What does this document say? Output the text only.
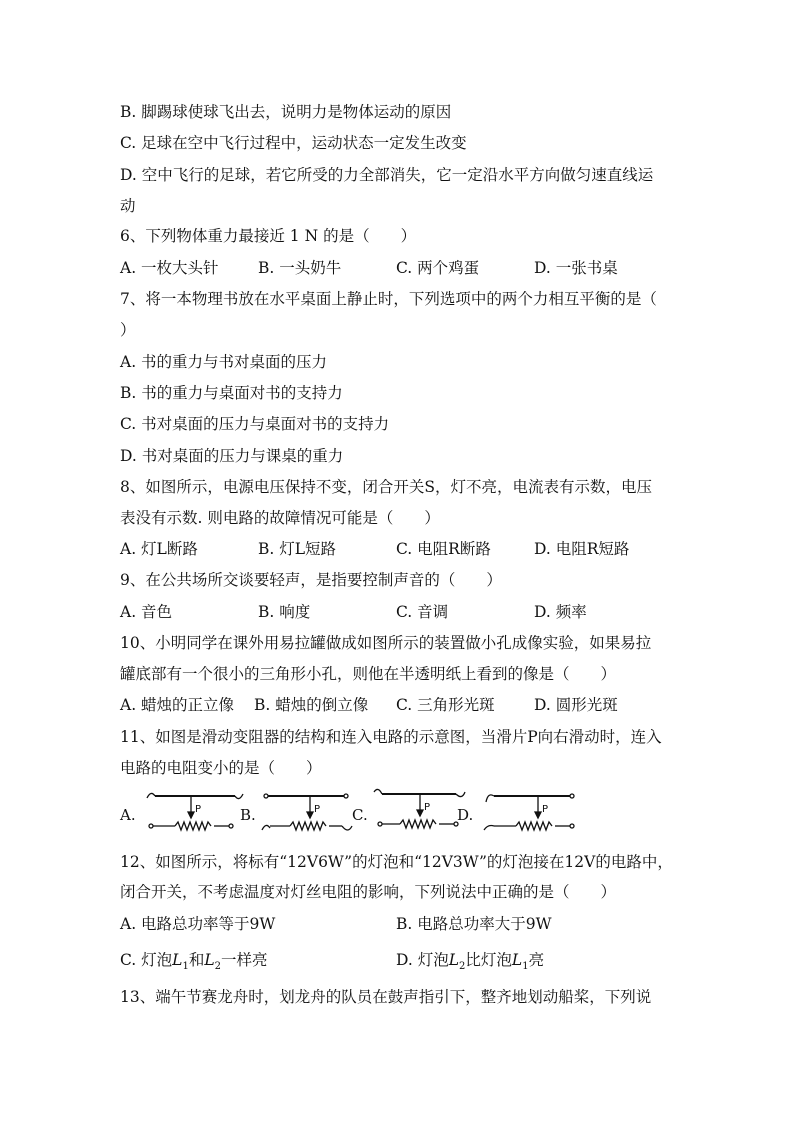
B. 脚踢球使球飞出去，说明力是物体运动的原因

C. 足球在空中飞行过程中，运动状态一定发生改变

D. 空中飞行的足球，若它所受的力全部消失，它一定沿水平方向做匀速直线运

动

6、下列物体重力最接近 1 N 的是（　　）

A. 一枚大头针	B. 一头奶牛	C. 两个鸡蛋	D. 一张书桌

7、将一本物理书放在水平桌面上静止时，下列选项中的两个力相互平衡的是（

）

A. 书的重力与书对桌面的压力

B. 书的重力与桌面对书的支持力

C. 书对桌面的压力与桌面对书的支持力

D. 书对桌面的压力与课桌的重力

8、如图所示，电源电压保持不变，闭合开关S，灯不亮，电流表有示数，电压

表没有示数. 则电路的故障情况可能是（　　）

A. 灯L断路	B. 灯L短路	C. 电阻R断路	D. 电阻R短路

9、在公共场所交谈要轻声，是指要控制声音的（　　）

A. 音色	B. 响度	C. 音调	D. 频率

10、小明同学在课外用易拉罐做成如图所示的装置做小孔成像实验，如果易拉

罐底部有一个很小的三角形小孔，则他在半透明纸上看到的像是（　　）

A. 蜡烛的正立像 B. 蜡烛的倒立像 C. 三角形光斑	D. 圆形光斑

11、如图是滑动变阻器的结构和连入电路的示意图，当滑片P向右滑动时，连入

电路的电阻变小的是（　　）

A.	P	B.	P C.	P D.	P

12、如图所示，将标有“12V6W”的灯泡和“12V3W”的灯泡接在12V的电路中，

闭合开关，不考虑温度对灯丝电阻的影响，下列说法中正确的是（　　）

A. 电路总功率等于9W	B. 电路总功率大于9W
C. 灯泡$L_1$和$L_2$一样亮	D. 灯泡$L_2$比灯泡$L_1$亮

13、端午节赛龙舟时，划龙舟的队员在鼓声指引下，整齐地划动船桨，下列说
